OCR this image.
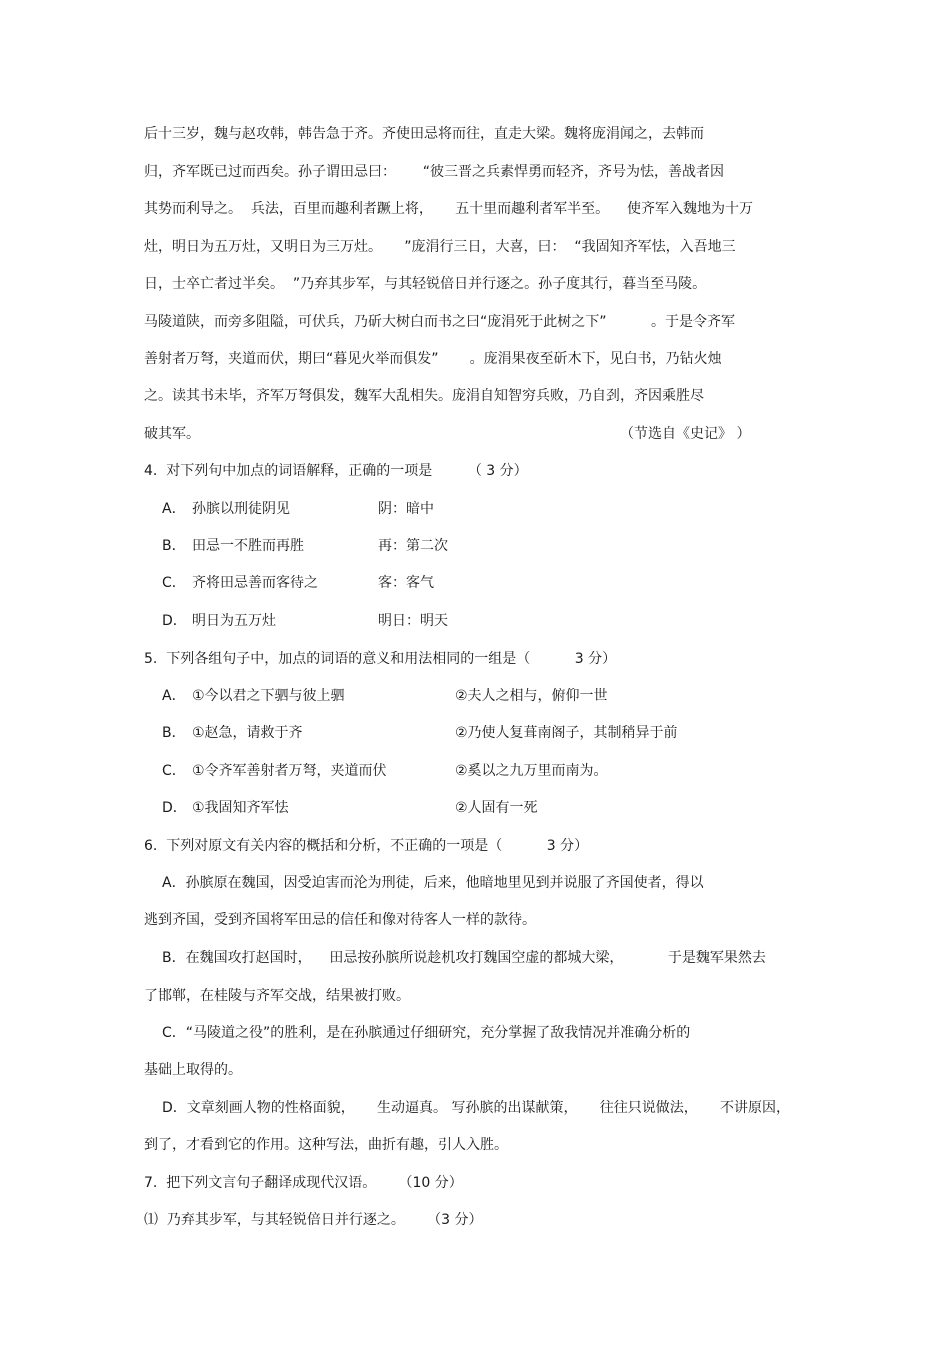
后十三岁，魏与赵攻韩，韩告急于齐。齐使田忌将而往，直走大梁。魏将庞涓闻之，去韩而
归，齐军既已过而西矣。孙子谓田忌曰：      “彼三晋之兵素悍勇而轻齐，齐号为怯，善战者因
其势而利导之。  兵法，百里而趣利者蹶上将，     五十里而趣利者军半至。    使齐军入魏地为十万
灶，明日为五万灶，又明日为三万灶。     ”庞涓行三日，大喜，曰：  “我固知齐军怯，入吾地三
日，士卒亡者过半矣。  ”乃弃其步军，与其轻锐倍日并行逐之。孙子度其行，暮当至马陵。
马陵道陕，而旁多阻隘，可伏兵，乃斫大树白而书之曰“庞涓死于此树之下”          。于是令齐军
善射者万弩，夹道而伏，期曰“暮见火举而俱发”       。庞涓果夜至斫木下，见白书，乃钻火烛
之。读其书未毕，齐军万弩俱发，魏军大乱相失。庞涓自知智穷兵败，乃自刭，齐因乘胜尽
破其军。	（节选自《史记》 ）
4.  对下列句中加点的词语解释，正确的一项是        （ 3 分）
A． 孙膑以刑徒阴见	阴：暗中
B． 田忌一不胜而再胜	再：第二次
C． 齐将田忌善而客待之	客：客气
D． 明日为五万灶	明日：明天
5.  下列各组句子中，加点的词语的意义和用法相同的一组是（          3 分）
A． ①今以君之下驷与彼上驷	②夫人之相与，俯仰一世
B． ①赵急，请救于齐	②乃使人复葺南阁子，其制稍异于前
C． ①令齐军善射者万弩，夹道而伏	②奚以之九万里而南为。
D． ①我固知齐军怯	②人固有一死
6.  下列对原文有关内容的概括和分析，不正确的一项是（          3 分）
A．孙膑原在魏国，因受迫害而沦为刑徒，后来，他暗地里见到并说服了齐国使者，得以
逃到齐国，受到齐国将军田忌的信任和像对待客人一样的款待。
B．在魏国攻打赵国时，    田忌按孙膑所说趁机攻打魏国空虚的都城大梁，          于是魏军果然去
了邯郸，在桂陵与齐军交战，结果被打败。
C．“马陵道之役”的胜利，是在孙膑通过仔细研究，充分掌握了敌我情况并准确分析的
基础上取得的。
D．文章刻画人物的性格面貌，     生动逼真。 写孙膑的出谋献策，     往往只说做法，     不讲原因，
到了，才看到它的作用。这种写法，曲折有趣，引人入胜。
7.  把下列文言句子翻译成现代汉语。     （10 分）
⑴  乃弃其步军，与其轻锐倍日并行逐之。     （3 分）
